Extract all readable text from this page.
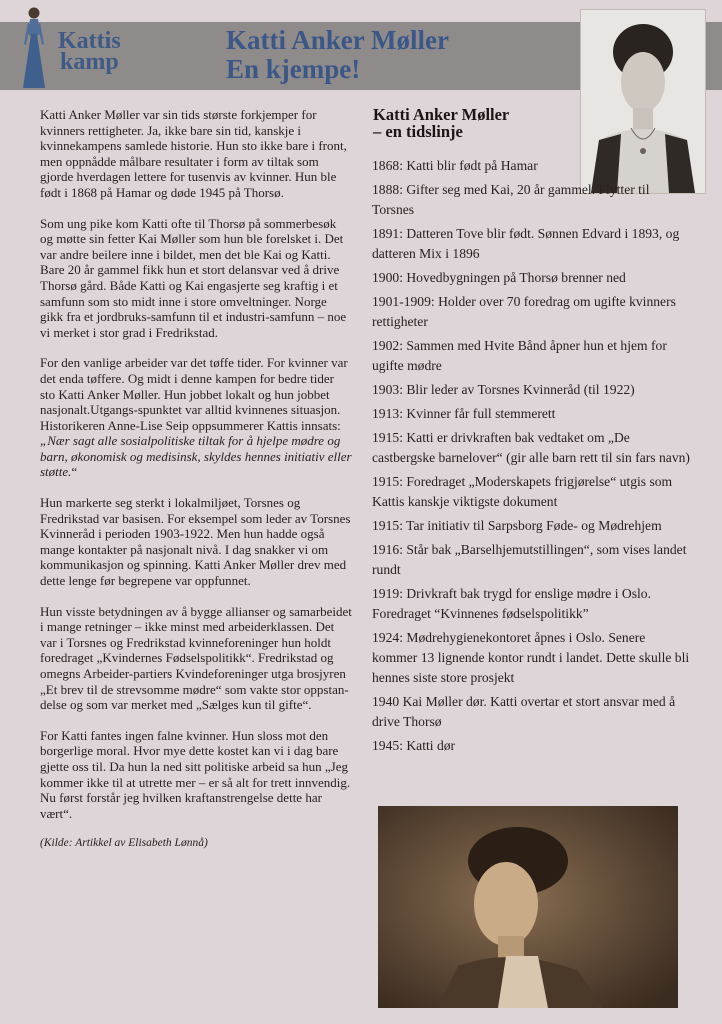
Kattis
kamp
Katti Anker Møller
En kjempe!

Katti Anker Møller var sin tids største forkjemper for kvinners rettigheter. Ja, ikke bare sin tid, kanskje i kvinnekampens samlede historie. Hun sto ikke bare i front, men oppnådde målbare resultater i form av tiltak som gjorde hverdagen lettere for tusenvis av kvinner. Hun ble født i 1868 på Hamar og døde 1945 på Thorsø.

Som ung pike kom Katti ofte til Thorsø på sommerbesøk og møtte sin fetter Kai Møller som hun ble forelsket i. Det var andre beilere inne i bildet, men det ble Kai og Katti. Bare 20 år gammel fikk hun et stort delansvar ved å drive Thorsø gård. Både Katti og Kai engasjerte seg kraftig i et samfunn som sto midt inne i store omveltninger. Norge gikk fra et jordbruks-samfunn til et industri-samfunn – noe vi merket i stor grad i Fredrikstad.

For den vanlige arbeider var det tøffe tider. For kvinner var det enda tøffere. Og midt i denne kampen for bedre tider sto Katti Anker Møller. Hun jobbet lokalt og hun jobbet nasjonalt.Utgangs-spunktet var alltid kvinnenes situasjon. Historikeren Anne-Lise Seip oppsummerer Kattis innsats: „Nær sagt alle sosialpolitiske tiltak for å hjelpe mødre og barn, økonomisk og medisinsk, skyldes hennes initiativ eller støtte.“

Hun markerte seg sterkt i lokalmiljøet, Torsnes og Fredrikstad var basisen. For eksempel som leder av Torsnes Kvinneråd i perioden 1903-1922. Men hun hadde også mange kontakter på nasjonalt nivå. I dag snakker vi om kommunikasjon og spinning. Katti Anker Møller drev med dette lenge før begrepene var oppfunnet.

Hun visste betydningen av å bygge allianser og samarbeidet i mange retninger – ikke minst med arbeiderklassen. Det var i Torsnes og Fredrikstad kvinneforeninger hun holdt foredraget „Kvindernes Fødselspolitikk“. Fredrikstad og omegns Arbeider-partiers Kvindeforeninger utga brosjyren „Et brev til de strevsomme mødre“ som vakte stor oppstan-delse og som var merket med „Sælges kun til gifte“.

For Katti fantes ingen falne kvinner. Hun sloss mot den borgerlige moral. Hvor mye dette kostet kan vi i dag bare gjette oss til. Da hun la ned sitt politiske arbeid sa hun „Jeg kommer ikke til at utrette mer – er så alt for trett innvendig. Nu først forstår jeg hvilken kraftanstrengelse dette har vært“.

(Kilde: Artikkel av Elisabeth Lønnå)
Katti Anker Møller
– en tidslinje
1868: Katti blir født på Hamar
1888: Gifter seg med Kai, 20 år gammel. Flytter til Torsnes
1891: Datteren Tove blir født. Sønnen Edvard i 1893, og datteren Mix i 1896
1900: Hovedbygningen på Thorsø brenner ned
1901-1909: Holder over 70 foredrag om ugifte kvinners rettigheter
1902: Sammen med Hvite Bånd åpner hun et hjem for ugifte mødre
1903: Blir leder av Torsnes Kvinneråd (til 1922)
1913: Kvinner får full stemmerett
1915: Katti er drivkraften bak vedtaket om „De castbergske barnelover“ (gir alle barn rett til sin fars navn)
1915: Foredraget „Moderskapets frigjørelse“ utgis som Kattis kanskje viktigste dokument
1915: Tar initiativ til Sarpsborg Føde- og Mødrehjem
1916: Står bak „Barselhjemutstillingen“, som vises landet rundt
1919: Drivkraft bak trygd for enslige mødre i Oslo. Foredraget “Kvinnenes fødselspolitikk”
1924: Mødrehygienekontoret åpnes i Oslo. Senere kommer 13 lignende kontor rundt i landet. Dette skulle bli hennes siste store prosjekt
1940 Kai Møller dør. Katti overtar et stort ansvar med å drive Thorsø
1945: Katti dør
